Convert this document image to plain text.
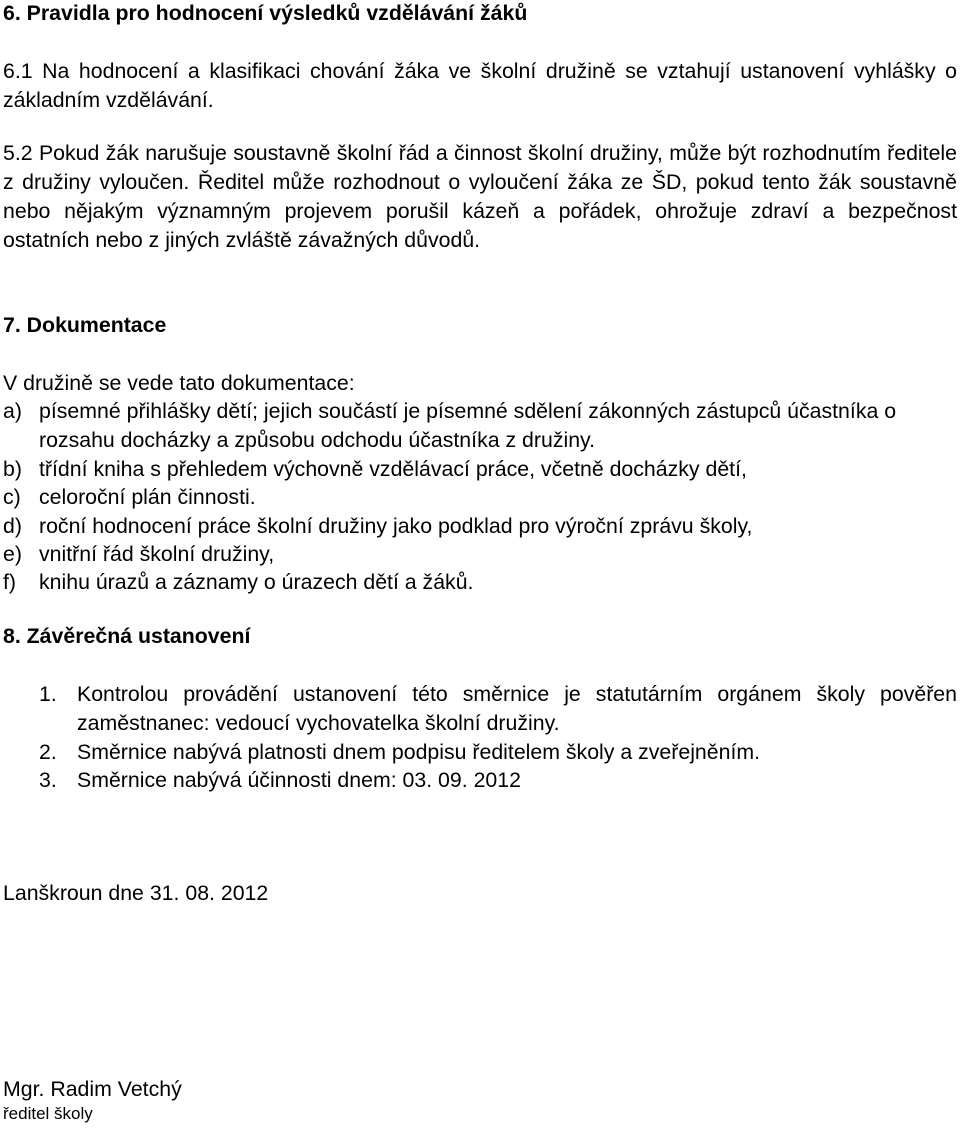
6. Pravidla pro hodnocení výsledků vzdělávání žáků

6.1 Na hodnocení a klasifikaci chování žáka ve školní družině se vztahují ustanovení vyhlášky o základním vzdělávání.

5.2 Pokud žák narušuje soustavně školní řád a činnost školní družiny, může být rozhodnutím ředitele z družiny vyloučen. Ředitel může rozhodnout o vyloučení žáka ze ŠD, pokud tento žák soustavně nebo nějakým významným projevem porušil kázeň a pořádek, ohrožuje zdraví a bezpečnost ostatních nebo z jiných zvláště závažných důvodů.

7. Dokumentace

V družině se vede tato dokumentace:

a) písemné přihlášky dětí; jejich součástí je písemné sdělení zákonných zástupců účastníka o rozsahu docházky a způsobu odchodu účastníka z družiny.
b) třídní kniha s přehledem výchovně vzdělávací práce, včetně docházky dětí,
c) celoroční plán činnosti.
d) roční hodnocení práce školní družiny jako podklad pro výroční zprávu školy,
e) vnitřní řád školní družiny,
f)	knihu úrazů a záznamy o úrazech dětí a žáků.
8. Závěrečná ustanovení
1. Kontrolou provádění ustanovení této směrnice je statutárním orgánem školy pověřen zaměstnanec: vedoucí vychovatelka školní družiny.
2. Směrnice nabývá platnosti dnem podpisu ředitelem školy a zveřejněním.
3. Směrnice nabývá účinnosti dnem: 03. 09. 2012

Lanškroun dne 31. 08. 2012

Mgr. Radim Vetchý

ředitel školy
